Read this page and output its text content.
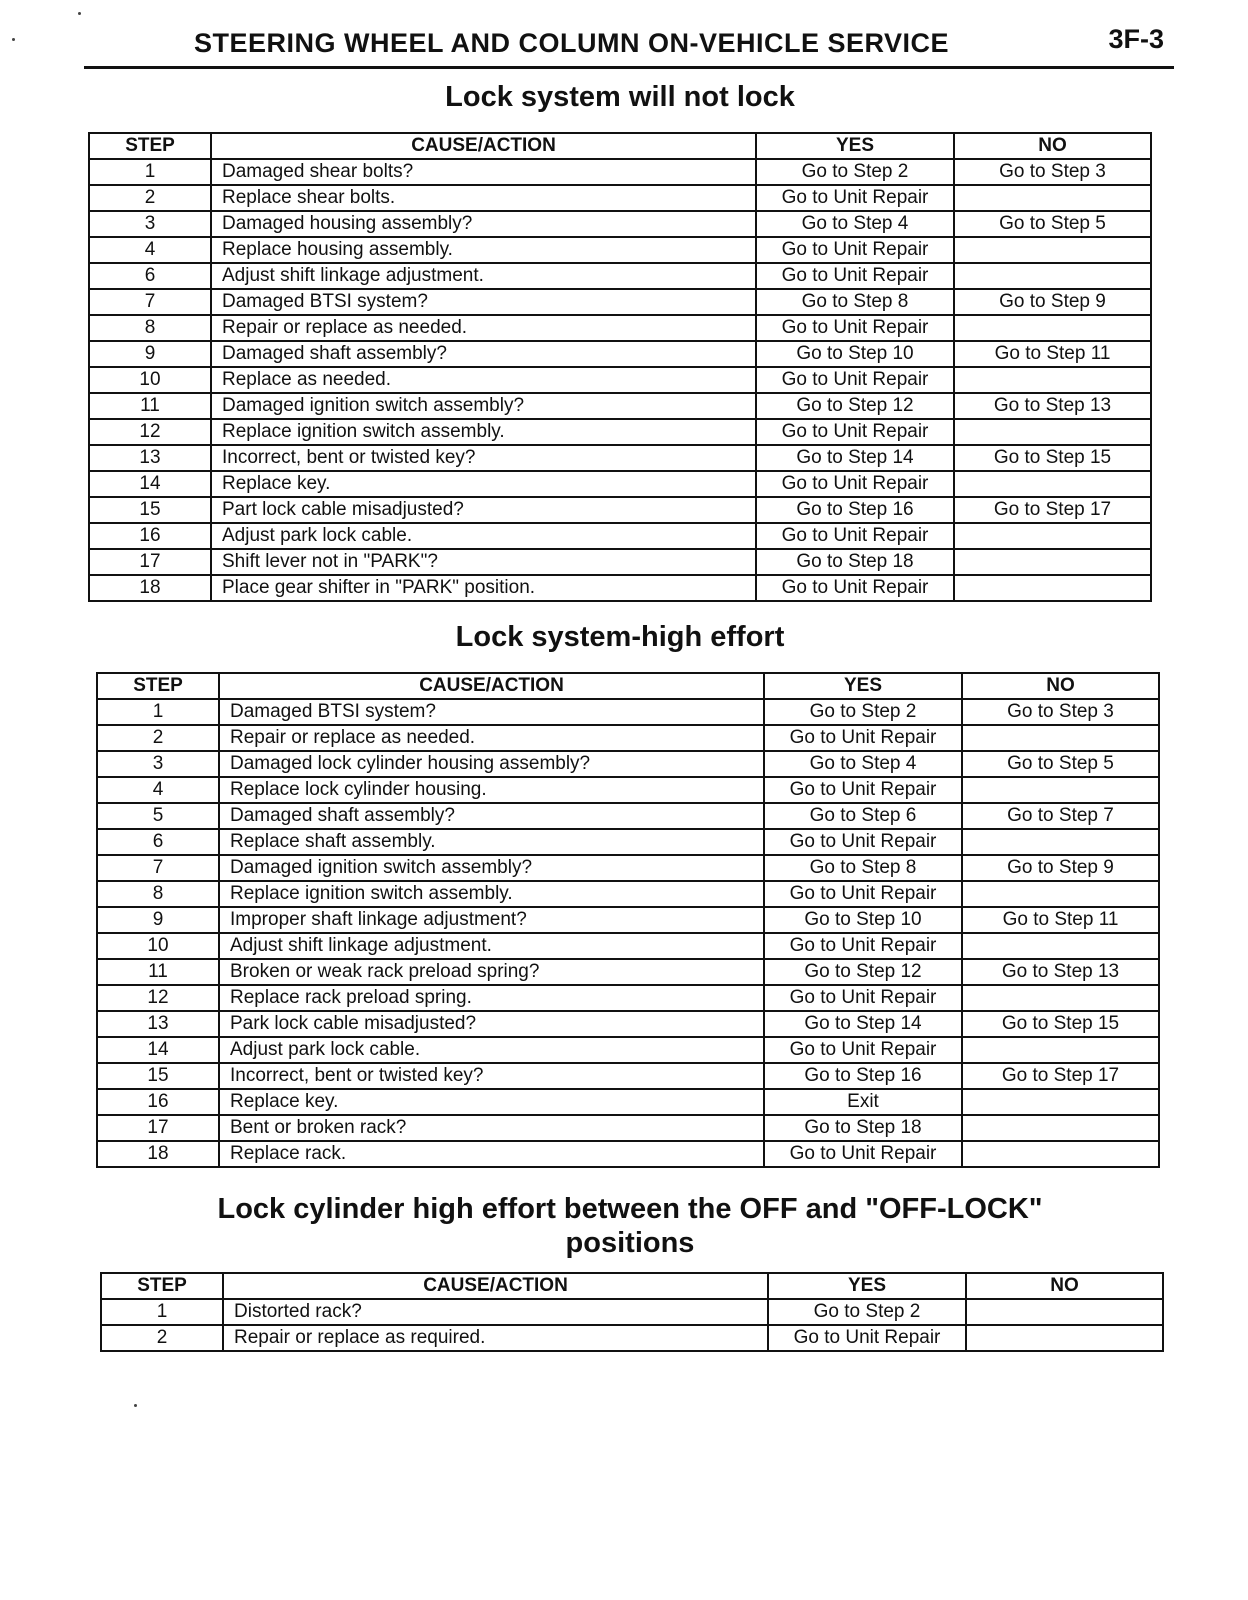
STEERING WHEEL AND COLUMN ON-VEHICLE SERVICE	3F-3
Lock system will not lock
STEP	CAUSE/ACTION	YES	NO
1	Damaged shear bolts?	Go to Step 2	Go to Step 3
2	Replace shear bolts.	Go to Unit Repair	
3	Damaged housing assembly?	Go to Step 4	Go to Step 5
4	Replace housing assembly.	Go to Unit Repair	
6	Adjust shift linkage adjustment.	Go to Unit Repair	
7	Damaged BTSI system?	Go to Step 8	Go to Step 9
8	Repair or replace as needed.	Go to Unit Repair	
9	Damaged shaft assembly?	Go to Step 10	Go to Step 11
10	Replace as needed.	Go to Unit Repair	
11	Damaged ignition switch assembly?	Go to Step 12	Go to Step 13
12	Replace ignition switch assembly.	Go to Unit Repair	
13	Incorrect, bent or twisted key?	Go to Step 14	Go to Step 15
14	Replace key.	Go to Unit Repair	
15	Part lock cable misadjusted?	Go to Step 16	Go to Step 17
16	Adjust park lock cable.	Go to Unit Repair	
17	Shift lever not in "PARK"?	Go to Step 18	
18	Place gear shifter in "PARK" position.	Go to Unit Repair	
Lock system-high effort
STEP	CAUSE/ACTION	YES	NO
1	Damaged BTSI system?	Go to Step 2	Go to Step 3
2	Repair or replace as needed.	Go to Unit Repair	
3	Damaged lock cylinder housing assembly?	Go to Step 4	Go to Step 5
4	Replace lock cylinder housing.	Go to Unit Repair	
5	Damaged shaft assembly?	Go to Step 6	Go to Step 7
6	Replace shaft assembly.	Go to Unit Repair	
7	Damaged ignition switch assembly?	Go to Step 8	Go to Step 9
8	Replace ignition switch assembly.	Go to Unit Repair	
9	Improper shaft linkage adjustment?	Go to Step 10	Go to Step 11
10	Adjust shift linkage adjustment.	Go to Unit Repair	
11	Broken or weak rack preload spring?	Go to Step 12	Go to Step 13
12	Replace rack preload spring.	Go to Unit Repair	
13	Park lock cable misadjusted?	Go to Step 14	Go to Step 15
14	Adjust park lock cable.	Go to Unit Repair	
15	Incorrect, bent or twisted key?	Go to Step 16	Go to Step 17
16	Replace key.	Exit	
17	Bent or broken rack?	Go to Step 18	
18	Replace rack.	Go to Unit Repair	
Lock cylinder high effort between the OFF and "OFF-LOCK" positions
STEP	CAUSE/ACTION	YES	NO
1	Distorted rack?	Go to Step 2	
2	Repair or replace as required.	Go to Unit Repair	
